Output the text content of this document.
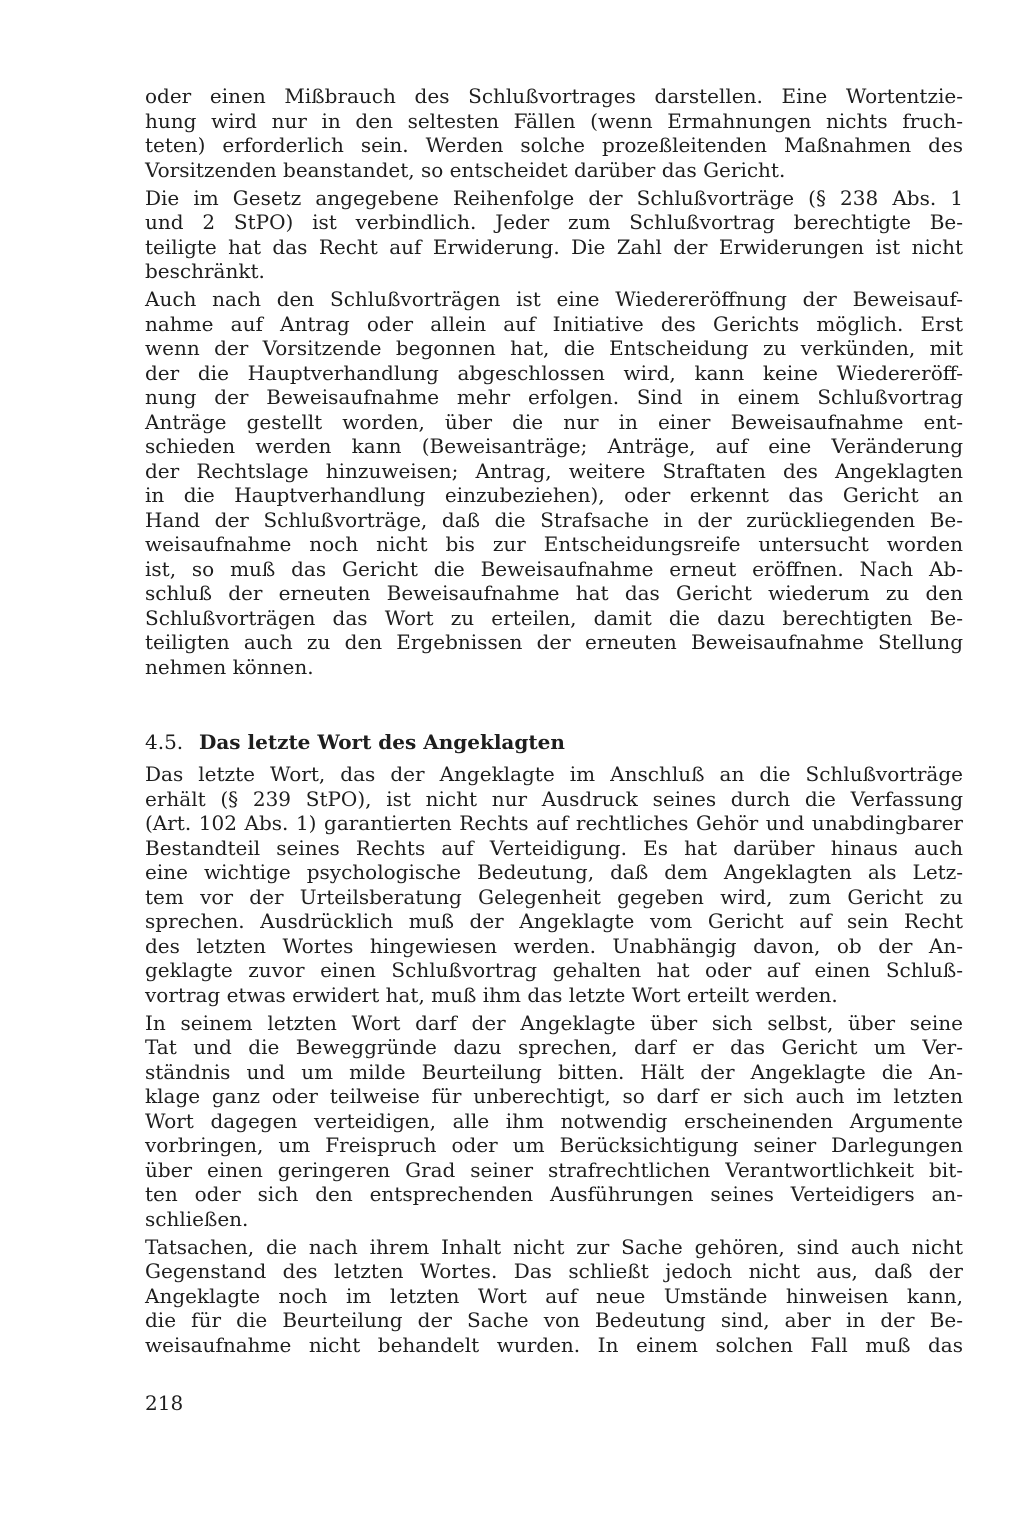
oder einen Mißbrauch des Schlußvortrages darstellen. Eine Wortentzie-
hung wird nur in den seltesten Fällen (wenn Ermahnungen nichts fruch-
teten) erforderlich sein. Werden solche prozeßleitenden Maßnahmen des
Vorsitzenden beanstandet, so entscheidet darüber das Gericht.
Die im Gesetz angegebene Reihenfolge der Schlußvorträge (§ 238 Abs. 1
und 2 StPO) ist verbindlich. Jeder zum Schlußvortrag berechtigte Be-
teiligte hat das Recht auf Erwiderung. Die Zahl der Erwiderungen ist nicht
beschränkt.
Auch nach den Schlußvorträgen ist eine Wiedereröffnung der Beweisauf-
nahme auf Antrag oder allein auf Initiative des Gerichts möglich. Erst
wenn der Vorsitzende begonnen hat, die Entscheidung zu verkünden, mit
der die Hauptverhandlung abgeschlossen wird, kann keine Wiedereröff-
nung der Beweisaufnahme mehr erfolgen. Sind in einem Schlußvortrag
Anträge gestellt worden, über die nur in einer Beweisaufnahme ent-
schieden werden kann (Beweisanträge; Anträge, auf eine Veränderung
der Rechtslage hinzuweisen; Antrag, weitere Straftaten des Angeklagten
in die Hauptverhandlung einzubeziehen), oder erkennt das Gericht an
Hand der Schlußvorträge, daß die Strafsache in der zurückliegenden Be-
weisaufnahme noch nicht bis zur Entscheidungsreife untersucht worden
ist, so muß das Gericht die Beweisaufnahme erneut eröffnen. Nach Ab-
schluß der erneuten Beweisaufnahme hat das Gericht wiederum zu den
Schlußvorträgen das Wort zu erteilen, damit die dazu berechtigten Be-
teiligten auch zu den Ergebnissen der erneuten Beweisaufnahme Stellung
nehmen können.
4.5. Das letzte Wort des Angeklagten
Das letzte Wort, das der Angeklagte im Anschluß an die Schlußvorträge
erhält (§ 239 StPO), ist nicht nur Ausdruck seines durch die Verfassung
(Art. 102 Abs. 1) garantierten Rechts auf rechtliches Gehör und unabdingbarer
Bestandteil seines Rechts auf Verteidigung. Es hat darüber hinaus auch
eine wichtige psychologische Bedeutung, daß dem Angeklagten als Letz-
tem vor der Urteilsberatung Gelegenheit gegeben wird, zum Gericht zu
sprechen. Ausdrücklich muß der Angeklagte vom Gericht auf sein Recht
des letzten Wortes hingewiesen werden. Unabhängig davon, ob der An-
geklagte zuvor einen Schlußvortrag gehalten hat oder auf einen Schluß-
vortrag etwas erwidert hat, muß ihm das letzte Wort erteilt werden.
In seinem letzten Wort darf der Angeklagte über sich selbst, über seine
Tat und die Beweggründe dazu sprechen, darf er das Gericht um Ver-
ständnis und um milde Beurteilung bitten. Hält der Angeklagte die An-
klage ganz oder teilweise für unberechtigt, so darf er sich auch im letzten
Wort dagegen verteidigen, alle ihm notwendig erscheinenden Argumente
vorbringen, um Freispruch oder um Berücksichtigung seiner Darlegungen
über einen geringeren Grad seiner strafrechtlichen Verantwortlichkeit bit-
ten oder sich den entsprechenden Ausführungen seines Verteidigers an-
schließen.
Tatsachen, die nach ihrem Inhalt nicht zur Sache gehören, sind auch nicht
Gegenstand des letzten Wortes. Das schließt jedoch nicht aus, daß der
Angeklagte noch im letzten Wort auf neue Umstände hinweisen kann,
die für die Beurteilung der Sache von Bedeutung sind, aber in der Be-
weisaufnahme nicht behandelt wurden. In einem solchen Fall muß das
218
